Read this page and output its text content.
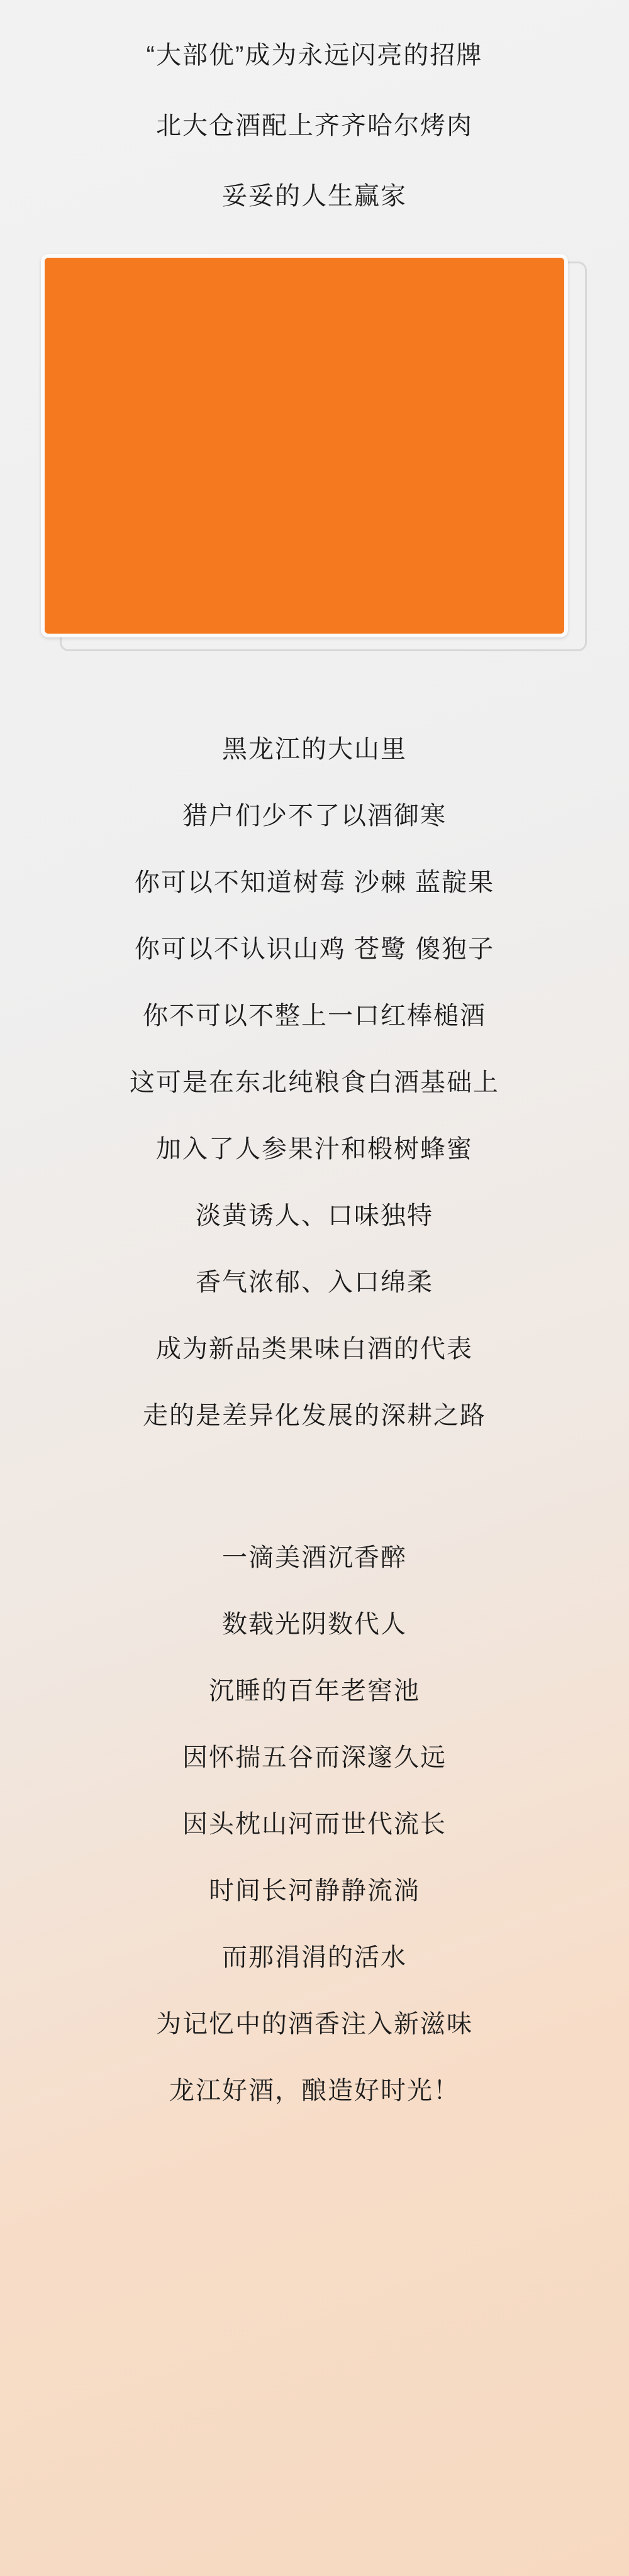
“大部优”成为永远闪亮的招牌

北大仓酒配上齐齐哈尔烤肉

妥妥的人生赢家

黑龙江的大山里

猎户们少不了以酒御寒

你可以不知道树莓 沙棘 蓝靛果

你可以不认识山鸡 苍鹭 傻狍子

你不可以不整上一口红棒槌酒

这可是在东北纯粮食白酒基础上

加入了人参果汁和椴树蜂蜜

淡黄诱人、口味独特

香气浓郁、入口绵柔

成为新品类果味白酒的代表

走的是差异化发展的深耕之路

一滴美酒沉香醉

数载光阴数代人

沉睡的百年老窖池

因怀揣五谷而深邃久远

因头枕山河而世代流长

时间长河静静流淌

而那涓涓的活水

为记忆中的酒香注入新滋味

龙江好酒，酿造好时光！
